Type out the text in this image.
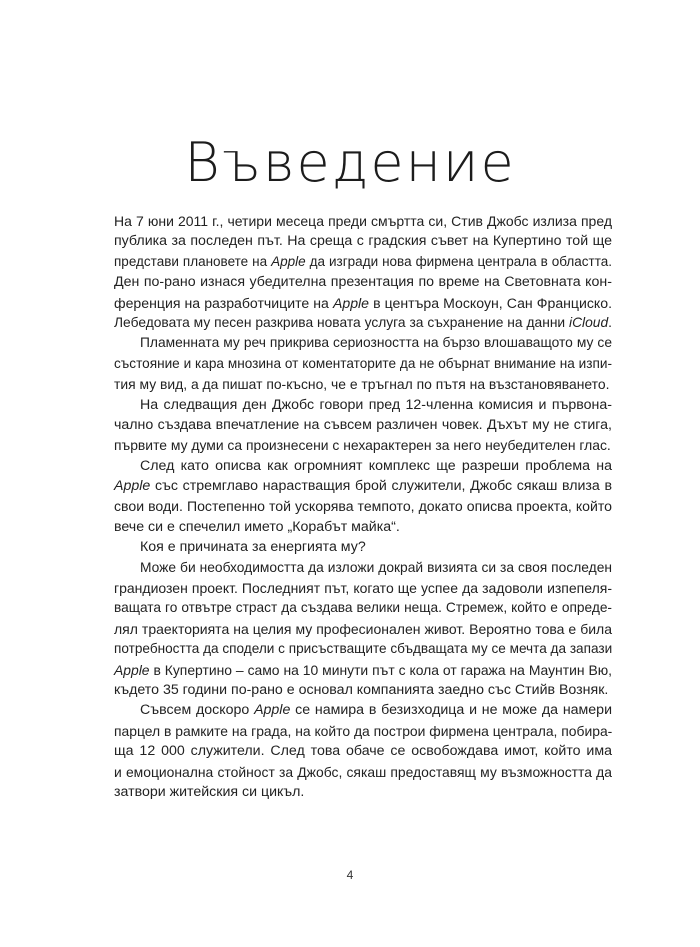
Въведение
На 7 юни 2011 г., четири месеца преди смъртта си, Стив Джобс излиза пред
публика за последен път. На среща с градския съвет на Купертино той ще
представи плановете на Apple да изгради нова фирмена централа в областта.
Ден по-рано изнася убедителна презентация по време на Световната кон-
ференция на разработчиците на Apple в центъра Москоун, Сан Франциско.
Лебедовата му песен разкрива новата услуга за съхранение на данни iCloud.
Пламенната му реч прикрива сериозността на бързо влошаващото му се
състояние и кара мнозина от коментаторите да не обърнат внимание на изпи-
тия му вид, а да пишат по-късно, че е тръгнал по пътя на възстановяването.
На следващия ден Джобс говори пред 12-членна комисия и първона-
чално създава впечатление на съвсем различен човек. Дъхът му не стига,
първите му думи са произнесени с нехарактерен за него неубедителен глас.
След като описва как огромният комплекс ще разреши проблема на
Apple със стремглаво нарастващия брой служители, Джобс сякаш влиза в
свои води. Постепенно той ускорява темпото, докато описва проекта, който
вече си е спечелил името „Корабът майка“.
Коя е причината за енергията му?
Може би необходимостта да изложи докрай визията си за своя последен
грандиозен проект. Последният път, когато ще успее да задоволи изпепеля-
ващата го отвътре страст да създава велики неща. Стремеж, който е опреде-
лял траекторията на целия му професионален живот. Вероятно това е била
потребността да сподели с присъстващите сбъдващата му се мечта да запази
Apple в Купертино – само на 10 минути път с кола от гаража на Маунтин Вю,
където 35 години по-рано е основал компанията заедно със Стийв Возняк.
Съвсем доскоро Apple се намира в безизходица и не може да намери
парцел в рамките на града, на който да построи фирмена централа, побира-
ща 12 000 служители. След това обаче се освобождава имот, който има
и емоционална стойност за Джобс, сякаш предоставящ му възможността да
затвори житейския си цикъл.
4
